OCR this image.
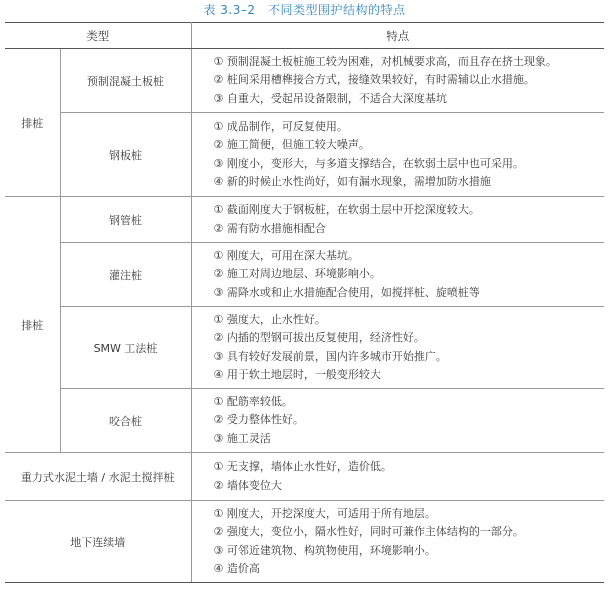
表 3.3–2　不同类型围护结构的特点
类型		特点
排桩	预制混凝土板桩	① 预制混凝土板桩施工较为困难，对机械要求高，而且存在挤土现象。
② 桩间采用槽榫接合方式，接缝效果较好，有时需辅以止水措施。
③ 自重大，受起吊设备限制，不适合大深度基坑

	钢板桩	① 成品制作，可反复使用。
② 施工简便，但施工较大噪声。
③ 刚度小，变形大，与多道支撑结合，在软弱土层中也可采用。
④ 新的时候止水性尚好，如有漏水现象，需增加防水措施

排桩	钢管桩	① 截面刚度大于钢板桩，在软弱土层中开挖深度较大。
② 需有防水措施相配合

	灌注桩	① 刚度大，可用在深大基坑。
② 施工对周边地层、环境影响小。
③ 需降水或和止水措施配合使用，如搅拌桩、旋喷桩等

	SMW 工法桩	① 强度大，止水性好。
② 内插的型钢可拔出反复使用，经济性好。
③ 具有较好发展前景，国内许多城市开始推广。
④ 用于软土地层时，一般变形较大

	咬合桩	① 配筋率较低。
② 受力整体性好。
③ 施工灵活

重力式水泥土墙 / 水泥土搅拌桩		① 无支撑，墙体止水性好，造价低。
② 墙体变位大

地下连续墙		① 刚度大，开挖深度大，可适用于所有地层。
② 强度大，变位小，隔水性好，同时可兼作主体结构的一部分。
③ 可邻近建筑物、构筑物使用，环境影响小。
④ 造价高
